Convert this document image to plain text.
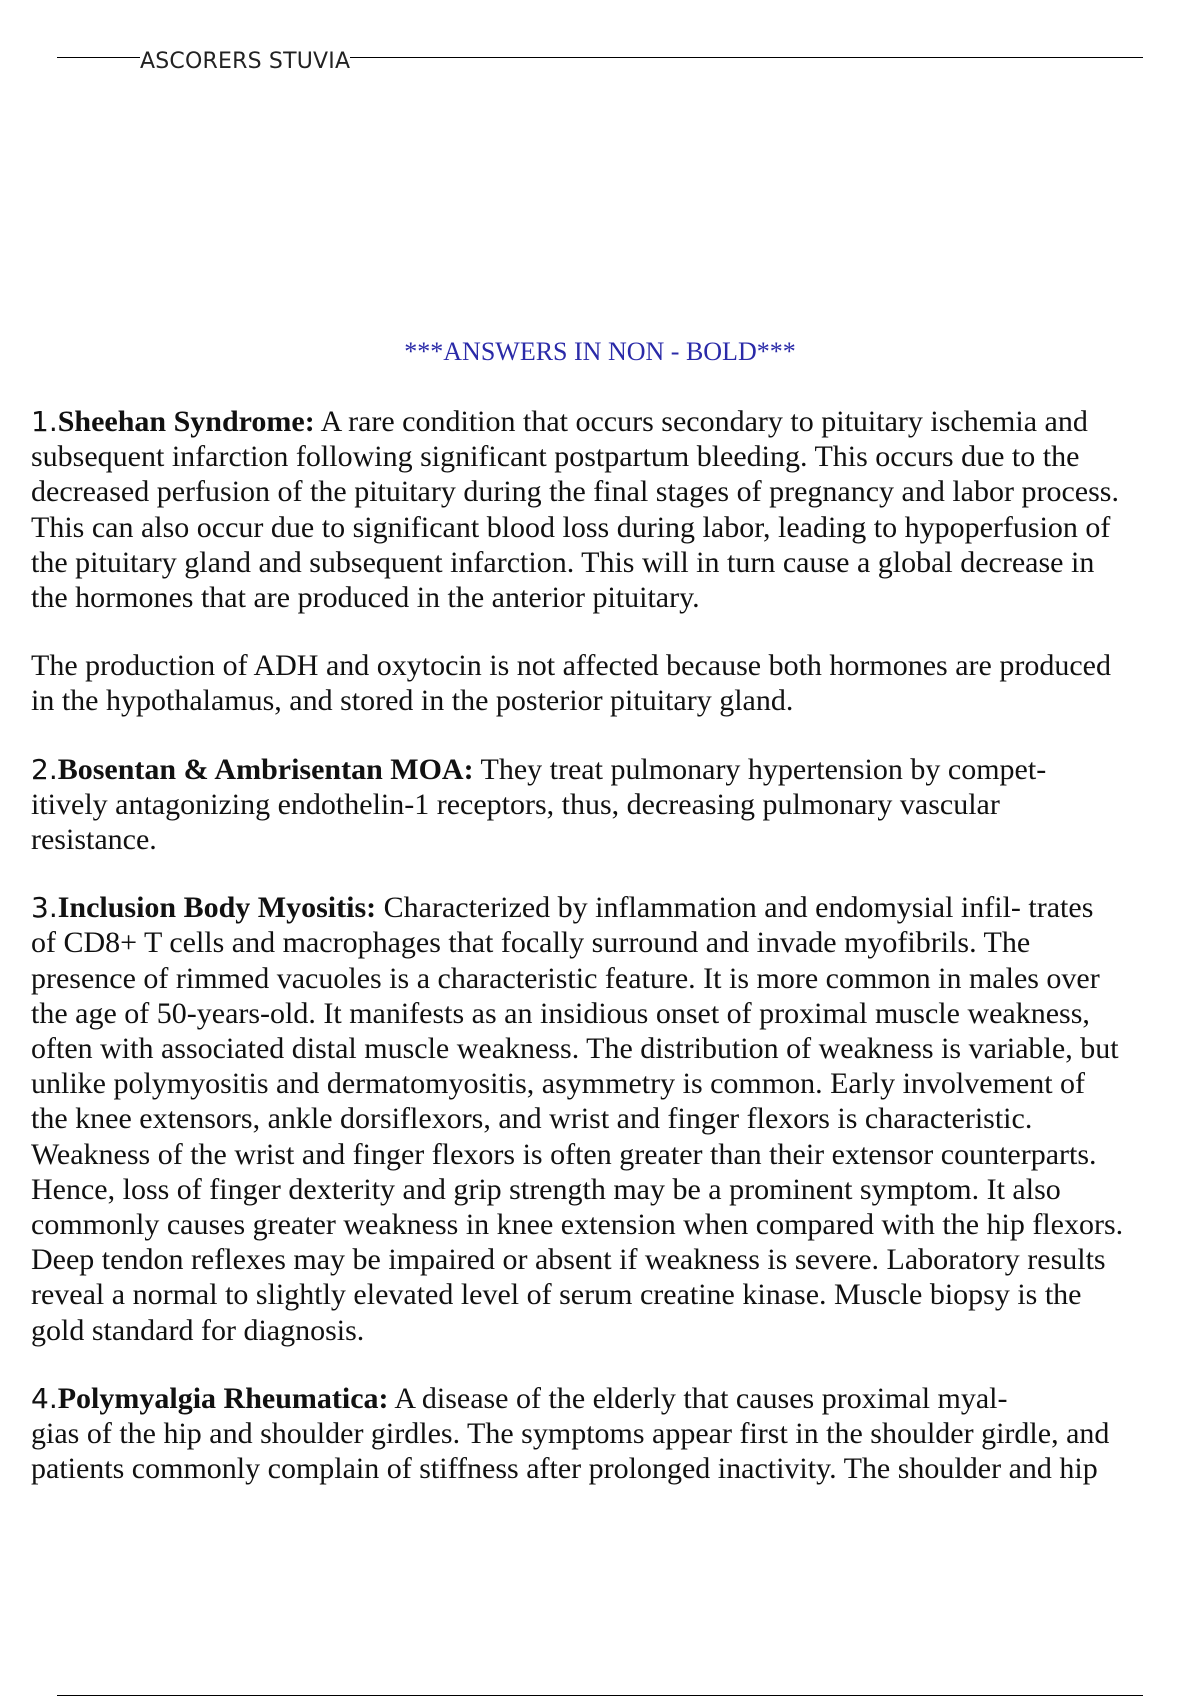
ASCORERS STUVIA
***ANSWERS IN NON - BOLD***

1.Sheehan Syndrome: A rare condition that occurs secondary to pituitary ischemia and
subsequent infarction following significant postpartum bleeding. This occurs due to the
decreased perfusion of the pituitary during the final stages of pregnancy and labor process.
This can also occur due to significant blood loss during labor, leading to hypoperfusion of
the pituitary gland and subsequent infarction. This will in turn cause a global decrease in
the hormones that are produced in the anterior pituitary.

The production of ADH and oxytocin is not affected because both hormones are produced
in the hypothalamus, and stored in the posterior pituitary gland.

2.Bosentan & Ambrisentan MOA: They treat pulmonary hypertension by compet-
itively antagonizing endothelin-1 receptors, thus, decreasing pulmonary vascular
resistance.

3.Inclusion Body Myositis: Characterized by inflammation and endomysial infil- trates
of CD8+ T cells and macrophages that focally surround and invade myofibrils. The
presence of rimmed vacuoles is a characteristic feature. It is more common in males over
the age of 50-years-old. It manifests as an insidious onset of proximal muscle weakness,
often with associated distal muscle weakness. The distribution of weakness is variable, but
unlike polymyositis and dermatomyositis, asymmetry is common. Early involvement of
the knee extensors, ankle dorsiflexors, and wrist and finger flexors is characteristic.
Weakness of the wrist and finger flexors is often greater than their extensor counterparts.
Hence, loss of finger dexterity and grip strength may be a prominent symptom. It also
commonly causes greater weakness in knee extension when compared with the hip flexors.
Deep tendon reflexes may be impaired or absent if weakness is severe. Laboratory results
reveal a normal to slightly elevated level of serum creatine kinase. Muscle biopsy is the
gold standard for diagnosis.

4.Polymyalgia Rheumatica: A disease of the elderly that causes proximal myal-
gias of the hip and shoulder girdles. The symptoms appear first in the shoulder girdle, and
patients commonly complain of stiffness after prolonged inactivity. The shoulder and hip
